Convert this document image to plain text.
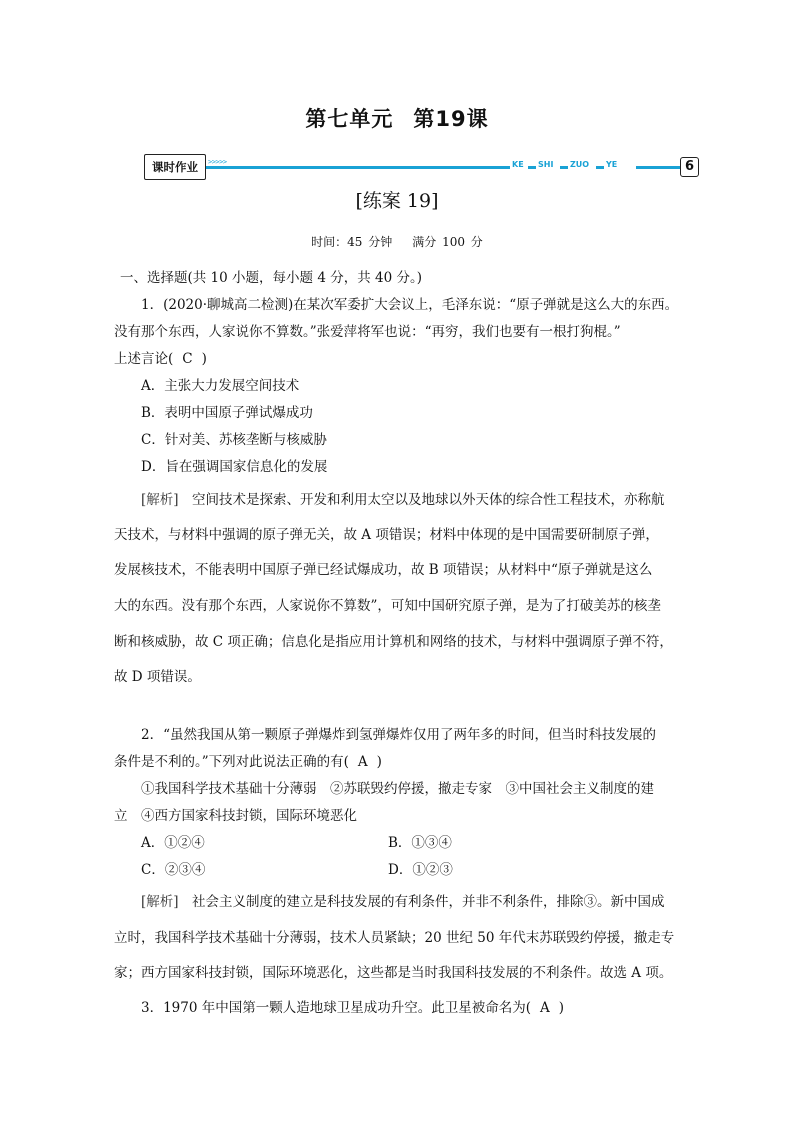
第七单元 第19课
课时作业	>>>>>	KE SHI ZUO YE	6
[练案 19]
时间：45 分钟 满分 100 分
一、选择题(共 10 小题，每小题 4 分，共 40 分。)
1．(2020·聊城高二检测)在某次军委扩大会议上，毛泽东说：“原子弹就是这么大的东西。
没有那个东西，人家说你不算数。”张爱萍将军也说：“再穷，我们也要有一根打狗棍。”
上述言论( C )
A．主张大力发展空间技术
B．表明中国原子弹试爆成功
C．针对美、苏核垄断与核威胁
D．旨在强调国家信息化的发展
[解析]　 空间技术是探索、开发和利用太空以及地球以外天体的综合性工程技术，亦称航
天技术，与材料中强调的原子弹无关，故 A 项错误；材料中体现的是中国需要研制原子弹，
发展核技术，不能表明中国原子弹已经试爆成功，故 B 项错误；从材料中“原子弹就是这么
大的东西。没有那个东西，人家说你不算数”，可知中国研究原子弹，是为了打破美苏的核垄
断和核威胁，故 C 项正确；信息化是指应用计算机和网络的技术，与材料中强调原子弹不符，
故 D 项错误。
2．“虽然我国从第一颗原子弹爆炸到氢弹爆炸仅用了两年多的时间，但当时科技发展的
条件是不利的。”下列对此说法正确的有( A )
①我国科学技术基础十分薄弱　②苏联毁约停援，撤走专家　③中国社会主义制度的建
立　④西方国家科技封锁，国际环境恶化
A．①②④	B．①③④
C．②③④	D．①②③
[解析]　 社会主义制度的建立是科技发展的有利条件，并非不利条件，排除③。新中国成
立时，我国科学技术基础十分薄弱，技术人员紧缺；20 世纪 50 年代末苏联毁约停援，撤走专
家；西方国家科技封锁，国际环境恶化，这些都是当时我国科技发展的不利条件。故选 A 项。
3．1970 年中国第一颗人造地球卫星成功升空。此卫星被命名为( A )
